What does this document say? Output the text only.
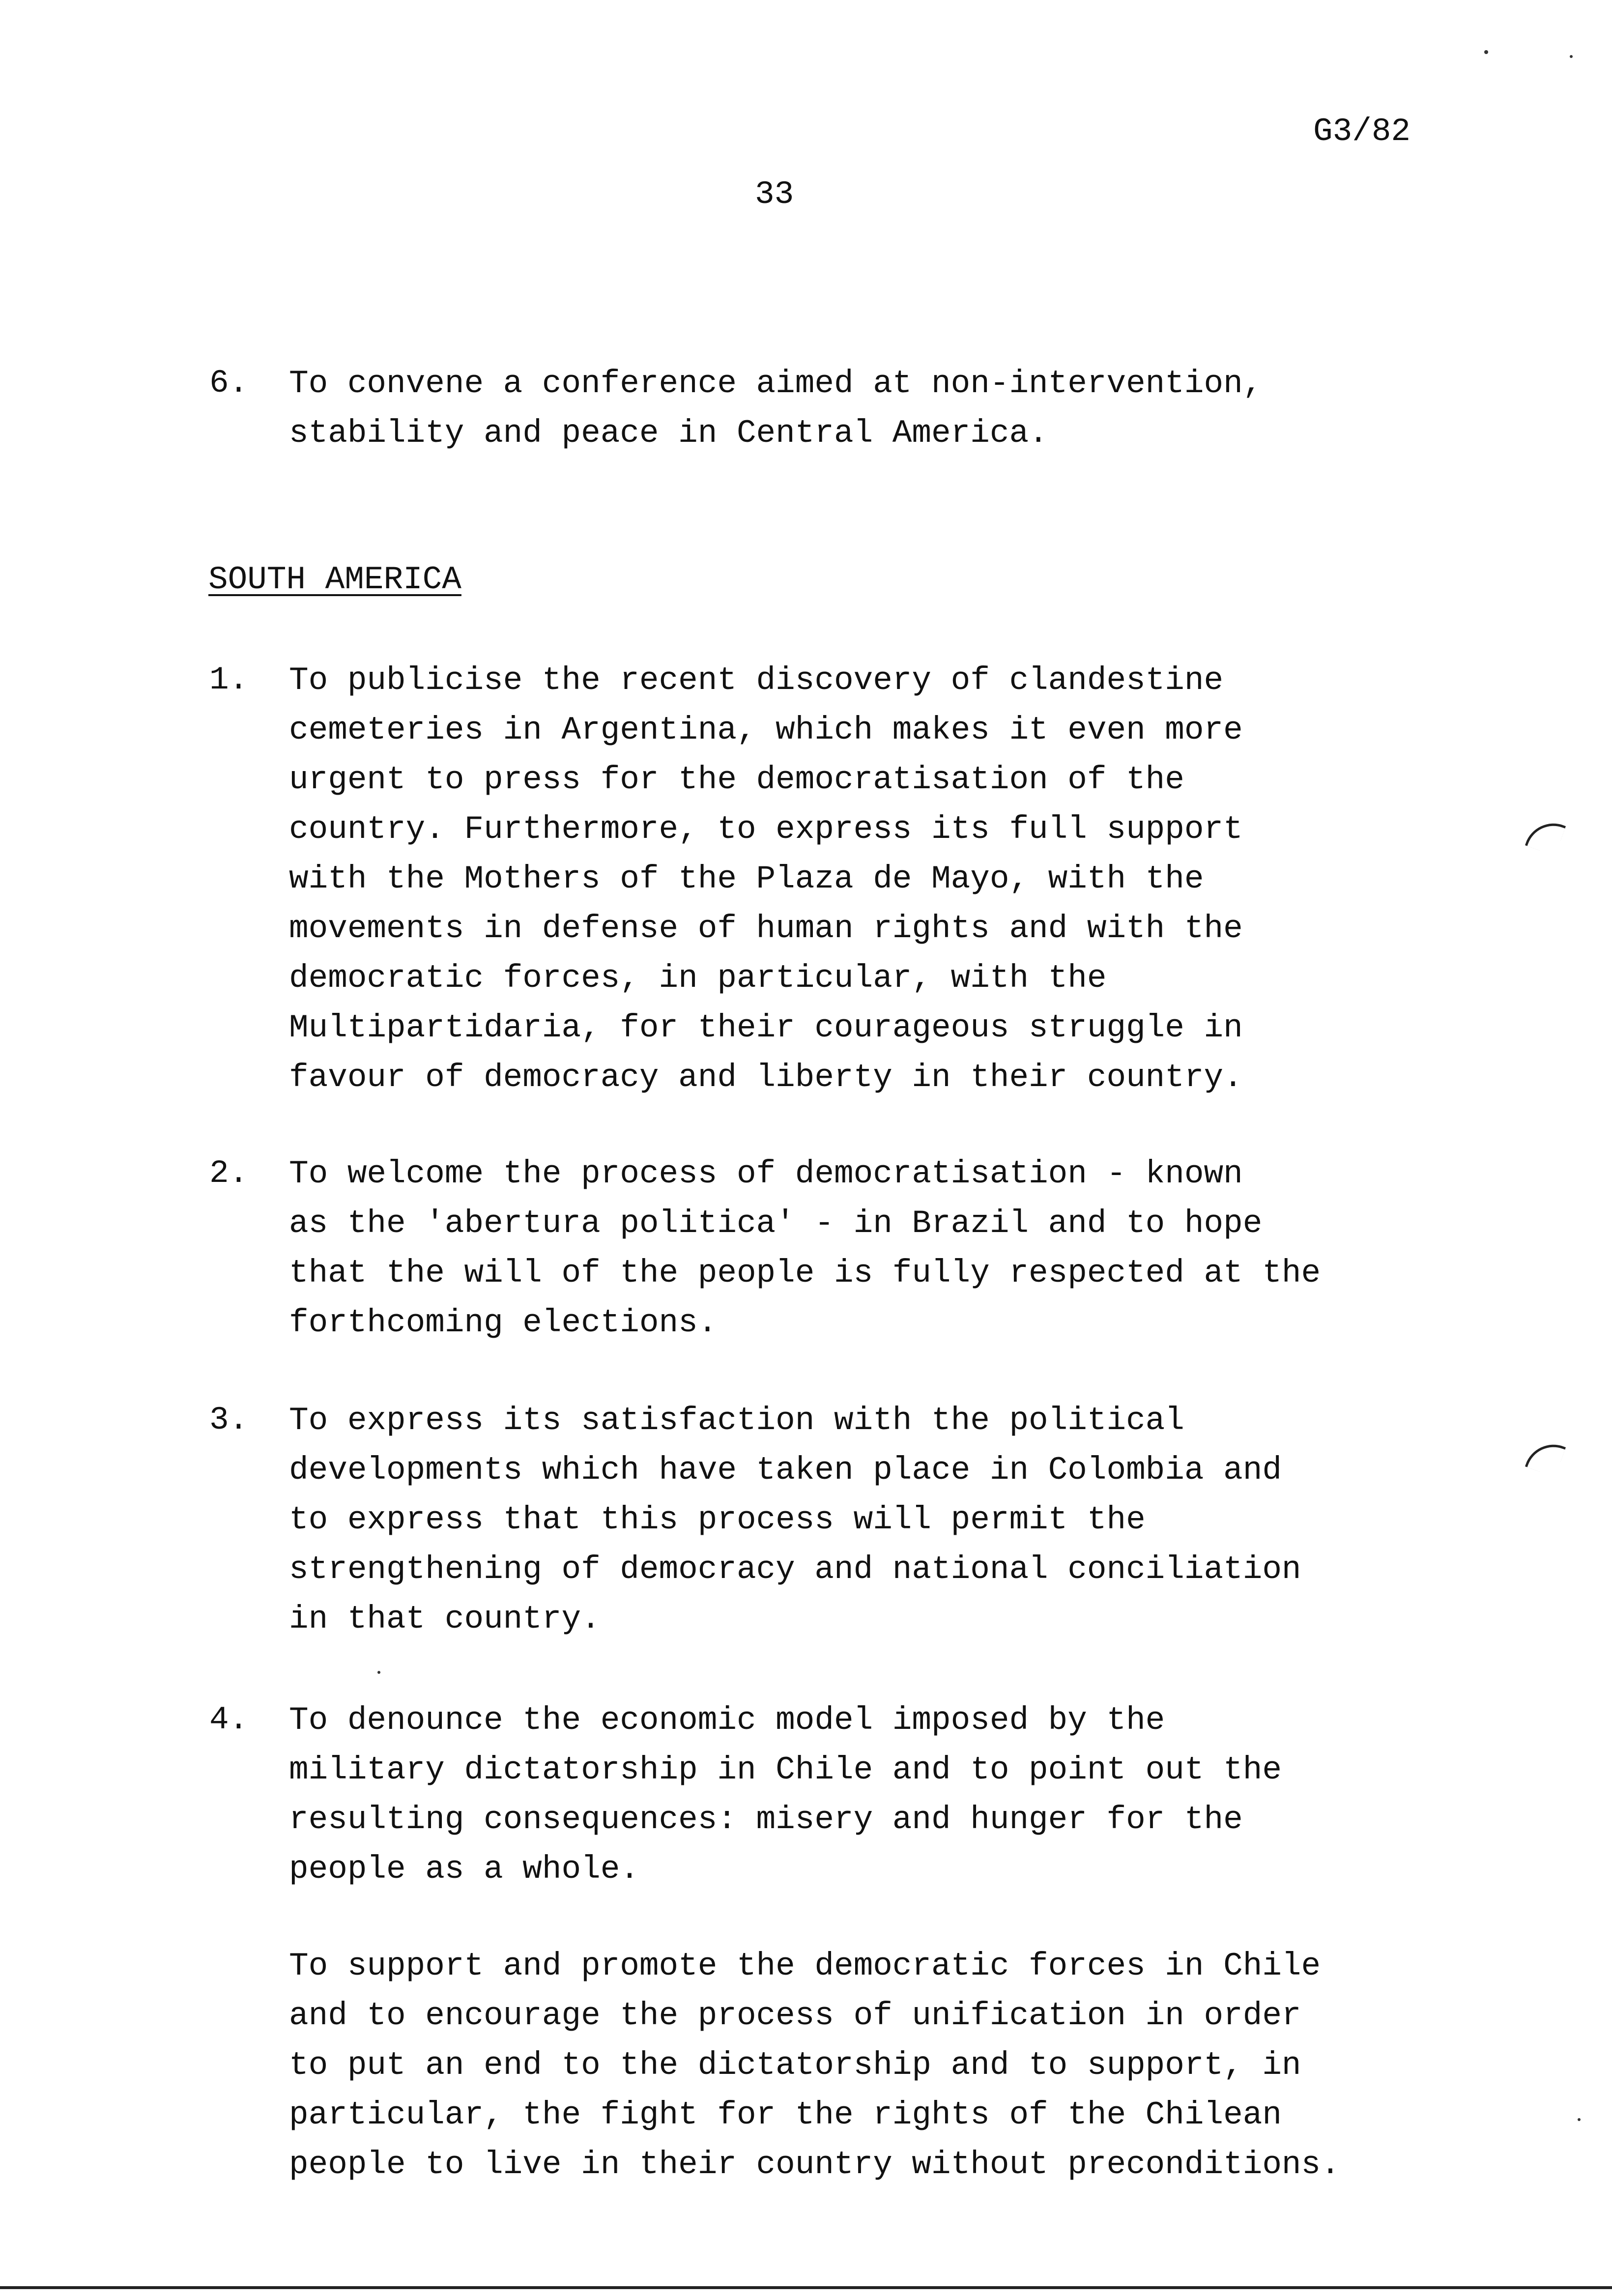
G3/82
33
6. To convene a conference aimed at non-intervention,
stability and peace in Central America.

SOUTH AMERICA
1. To publicise the recent discovery of clandestine
cemeteries in Argentina, which makes it even more
urgent to press for the democratisation of the
country. Furthermore, to express its full support
with the Mothers of the Plaza de Mayo, with the
movements in defense of human rights and with the
democratic forces, in particular, with the
Multipartidaria, for their courageous struggle in
favour of democracy and liberty in their country.

2. To welcome the process of democratisation - known
as the 'abertura politica' - in Brazil and to hope
that the will of the people is fully respected at the
forthcoming elections.

3. To express its satisfaction with the political
developments which have taken place in Colombia and
to express that this process will permit the
strengthening of democracy and national conciliation
in that country.

4. To denounce the economic model imposed by the
military dictatorship in Chile and to point out the
resulting consequences: misery and hunger for the
people as a whole.

To support and promote the democratic forces in Chile
and to encourage the process of unification in order
to put an end to the dictatorship and to support, in
particular, the fight for the rights of the Chilean
people to live in their country without preconditions.
